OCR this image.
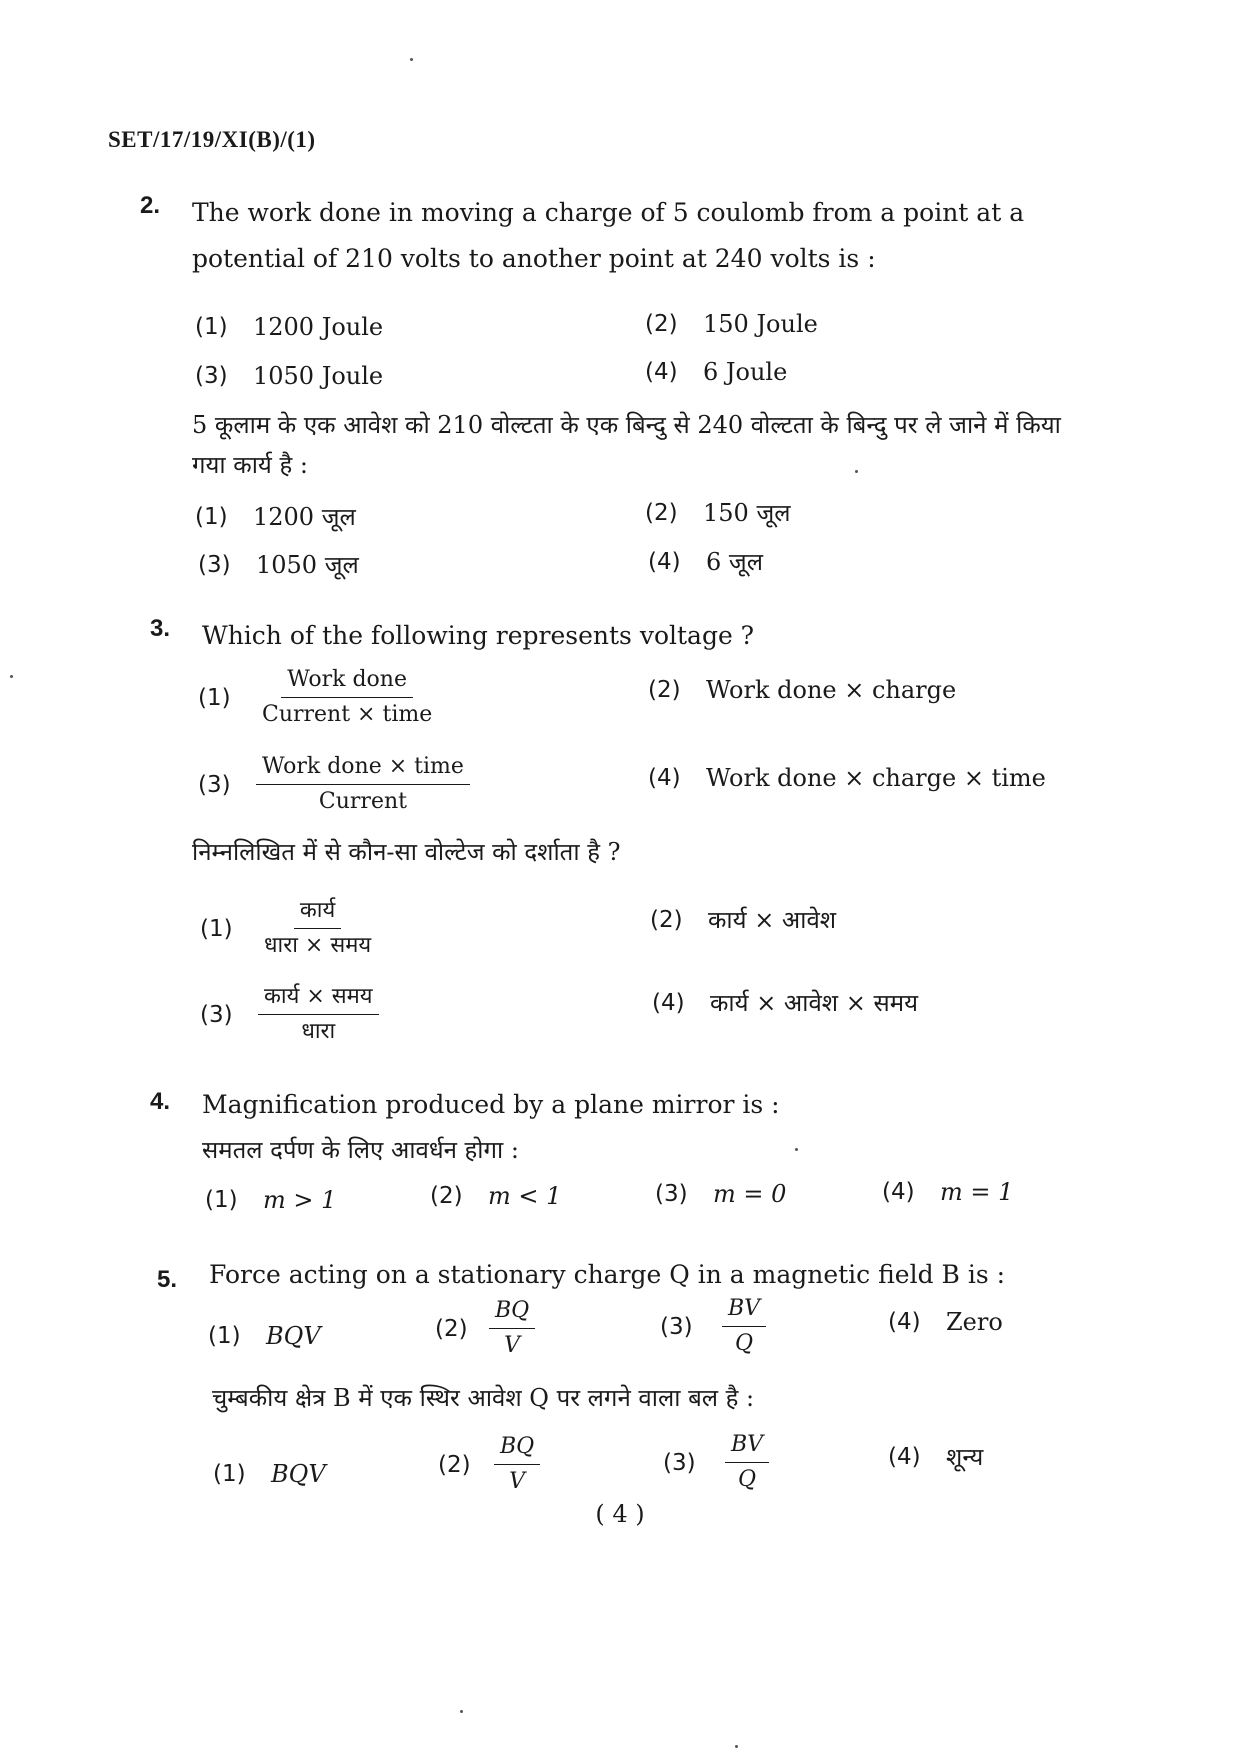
SET/17/19/XI(B)/(1)
2. The work done in moving a charge of 5 coulomb from a point at a potential of 210 volts to another point at 240 volts is :
(1)	1200 Joule	(2)	150 Joule
(3)	1050 Joule	(4)	6 Joule
5 कूलाम के एक आवेश को 210 वोल्टता के एक बिन्दु से 240 वोल्टता के बिन्दु पर ले जाने में किया गया कार्य है :
(1)	1200 जूल	(2)	150 जूल
(3)	1050 जूल	(4)	6 जूल
3. Which of the following represents voltage ?
(1)	$\frac{\text{Work done}}{\text{Current × time}}$	(2)	Work done × charge
(3)	$\frac{\text{Work done × time}}{\text{Current}}$	(4)	Work done × charge × time
निम्नलिखित में से कौन-सा वोल्टेज को दर्शाता है ?
(1)	$\frac{\text{कार्य}}{\text{धारा × समय}}$	(2)	कार्य × आवेश
(3)	$\frac{\text{कार्य × समय}}{\text{धारा}}$	(4)	कार्य × आवेश × समय
4. Magnification produced by a plane mirror is :
समतल दर्पण के लिए आवर्धन होगा :
(1)	m > 1	(2)	m < 1	(3)	m = 0	(4)	m = 1
5. Force acting on a stationary charge Q in a magnetic field B is :
(1)	BQV	$(2) \frac{BQ}{V}$	(3)	$\frac{BV}{Q}$	(4)	Zero
चुम्बकीय क्षेत्र B में एक स्थिर आवेश Q पर लगने वाला बल है :
(1)	BQV	(2)	$\frac{BQ}{V}$	(3)	$\frac{BV}{Q}$	(4)	शून्य
( 4 )
